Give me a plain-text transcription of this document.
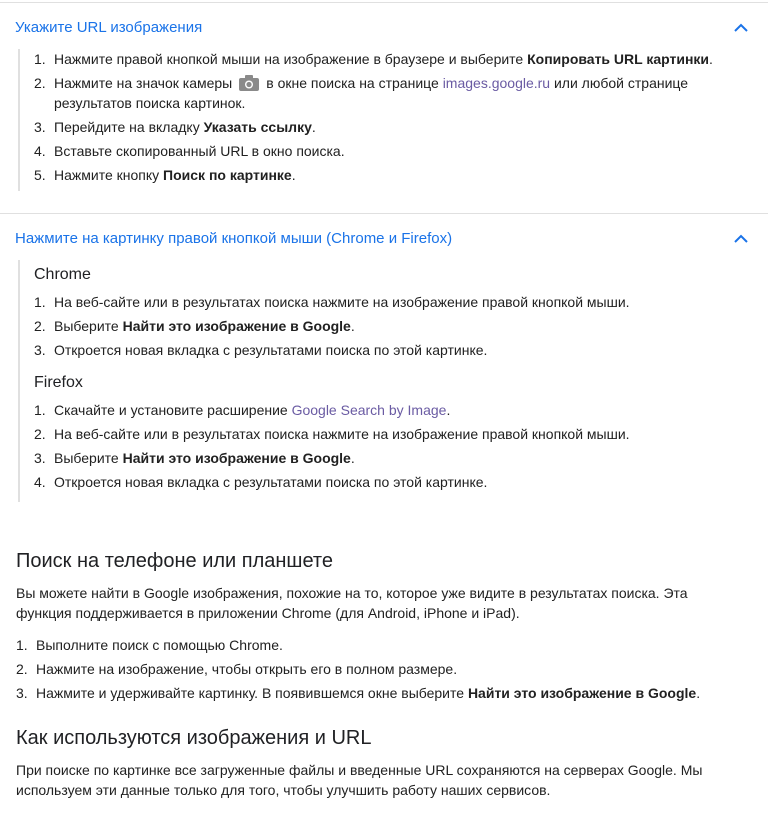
Укажите URL изображения
1. Нажмите правой кнопкой мыши на изображение в браузере и выберите Копировать URL картинки.
2. Нажмите на значок камеры в окне поиска на странице images.google.ru или любой странице результатов поиска картинок.
3. Перейдите на вкладку Указать ссылку.
4. Вставьте скопированный URL в окно поиска.
5. Нажмите кнопку Поиск по картинке.
Нажмите на картинку правой кнопкой мыши (Chrome и Firefox)
Chrome
1. На веб-сайте или в результатах поиска нажмите на изображение правой кнопкой мыши.
2. Выберите Найти это изображение в Google.
3. Откроется новая вкладка с результатами поиска по этой картинке.
Firefox
1. Скачайте и установите расширение Google Search by Image.
2. На веб-сайте или в результатах поиска нажмите на изображение правой кнопкой мыши.
3. Выберите Найти это изображение в Google.
4. Откроется новая вкладка с результатами поиска по этой картинке.
Поиск на телефоне или планшете

Вы можете найти в Google изображения, похожие на то, которое уже видите в результатах поиска. Эта функция поддерживается в приложении Chrome (для Android, iPhone и iPad).

1. Выполните поиск с помощью Chrome.
2. Нажмите на изображение, чтобы открыть его в полном размере.
3. Нажмите и удерживайте картинку. В появившемся окне выберите Найти это изображение в Google.
Как используются изображения и URL

При поиске по картинке все загруженные файлы и введенные URL сохраняются на серверах Google. Мы используем эти данные только для того, чтобы улучшить работу наших сервисов.
